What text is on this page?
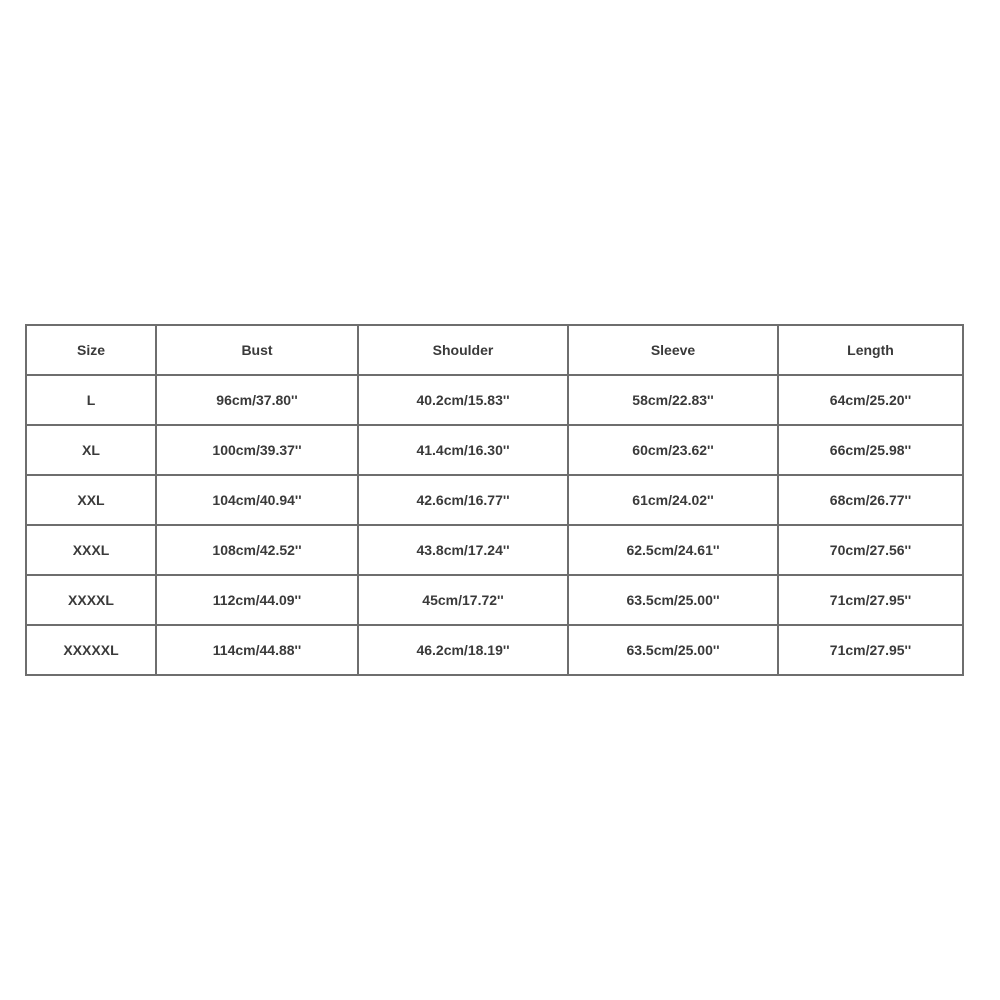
Size	Bust	Shoulder	Sleeve	Length
L	96cm/37.80''	40.2cm/15.83''	58cm/22.83''	64cm/25.20''
XL	100cm/39.37''	41.4cm/16.30''	60cm/23.62''	66cm/25.98''
XXL	104cm/40.94''	42.6cm/16.77''	61cm/24.02''	68cm/26.77''
XXXL	108cm/42.52''	43.8cm/17.24''	62.5cm/24.61''	70cm/27.56''
XXXXL	112cm/44.09''	45cm/17.72''	63.5cm/25.00''	71cm/27.95''
XXXXXL	114cm/44.88''	46.2cm/18.19''	63.5cm/25.00''	71cm/27.95''
